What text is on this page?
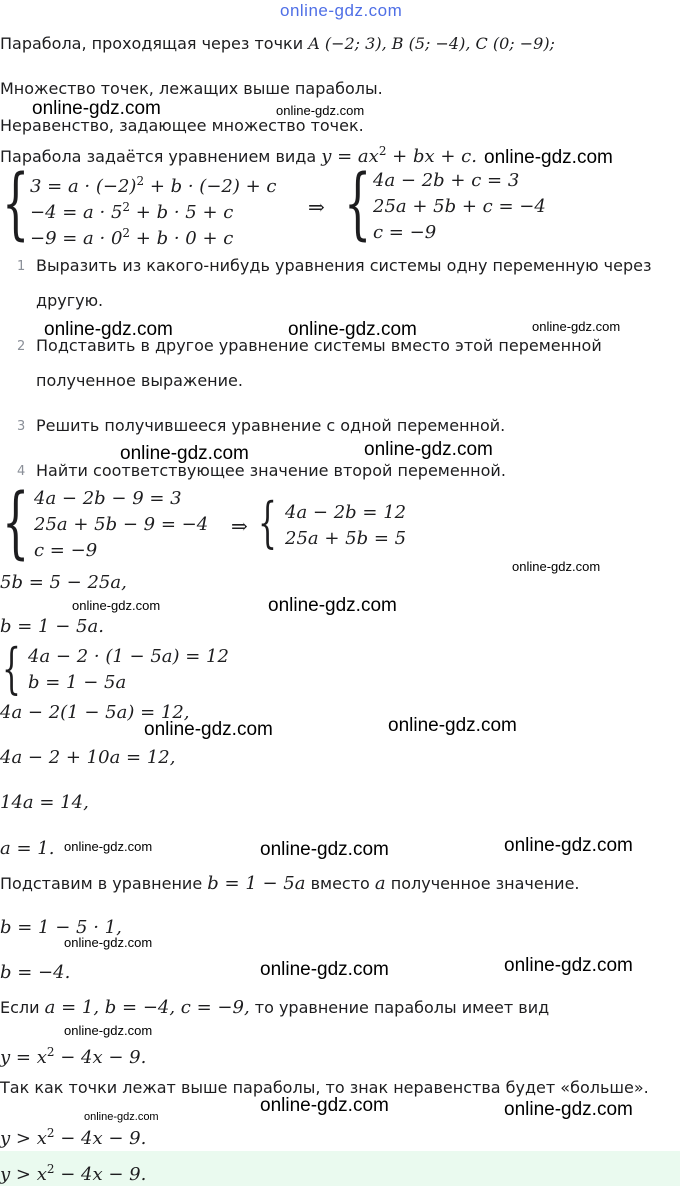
online-gdz.com
Парабола, проходящая через точки A (−2; 3), B (5; −4), C (0; −9);
Множество точек, лежащих выше параболы.
Неравенство, задающее множество точек.
Парабола задаётся уравнением вида $y = ax^2$ + bx + c.
{ $3 = a \cdot (-2)^2 + b \cdot (-2) + c$
$-4 = a \cdot 5^2 + b \cdot 5 + c$
$-9 = a \cdot 0^2 + b \cdot 0 + c$
⇒ { 4a − 2b + c = 3
25a + 5b + c = −4
c = −9
1 Выразить из какого-нибудь уравнения системы одну переменную через
другую.
2 Подставить в другое уравнение системы вместо этой переменной
полученное выражение.
3 Решить получившееся уравнение с одной переменной.
4 Найти соответствующее значение второй переменной.
{ 4a − 2b − 9 = 3
25a + 5b − 9 = −4
c = −9
⇒ { 4a − 2b = 12
25a + 5b = 5
5b = 5 − 25a,
b = 1 − 5a.
{ 4a − 2 · (1 − 5a) = 12
b = 1 − 5a
4a − 2(1 − 5a) = 12,
4a − 2 + 10a = 12,
14a = 14,
a = 1.
Подставим в уравнение b = 1 − 5a вместо a полученное значение.
b = 1 − 5 · 1,
b = −4.
Если a = 1, b = −4, c = −9, то уравнение параболы имеет вид
$y = x^2 - 4x - 9$.
Так как точки лежат выше параболы, то знак неравенства будет «больше».
$y > x^2 - 4x - 9$.
$y > x^2 - 4x - 9$.
online-gdz.com	online-gdz.com
online-gdz.com
online-gdz.com	online-gdz.com	online-gdz.com
online-gdz.com	online-gdz.com
online-gdz.com
online-gdz.com	online-gdz.com
online-gdz.com	online-gdz.com
online-gdz.com	online-gdz.com	online-gdz.com
online-gdz.com
online-gdz.com	online-gdz.com
online-gdz.com
online-gdz.com	online-gdz.com
online-gdz.com
